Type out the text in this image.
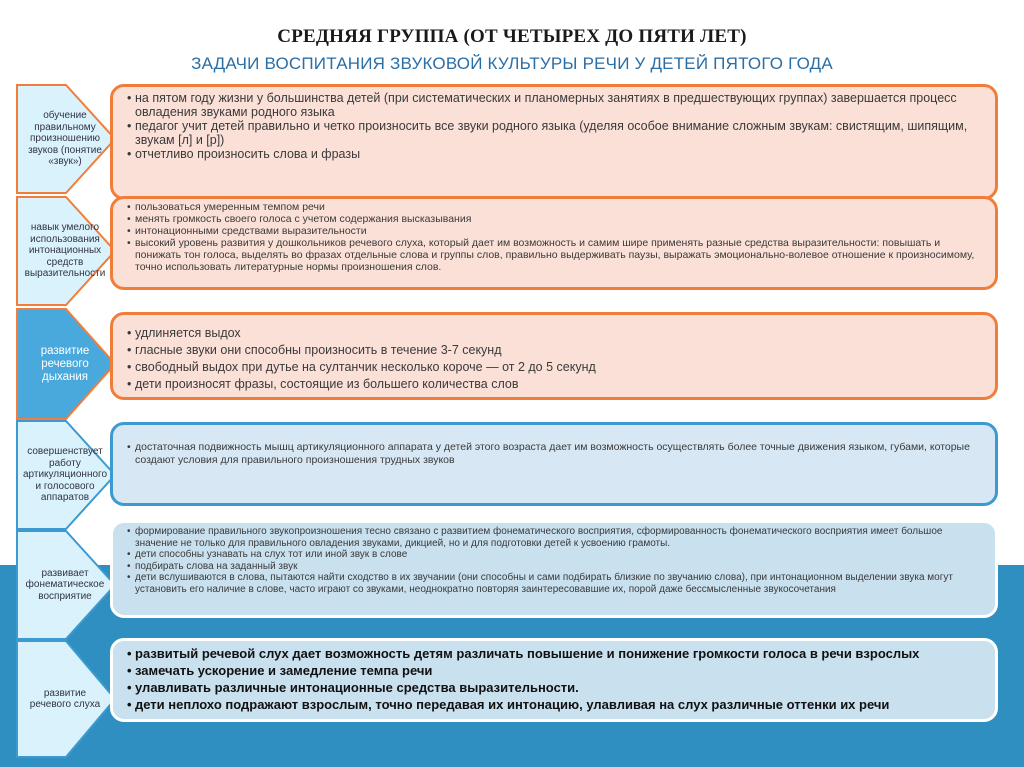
СРЕДНЯЯ ГРУППА (ОТ ЧЕТЫРЕХ ДО ПЯТИ ЛЕТ)
ЗАДАЧИ ВОСПИТАНИЯ ЗВУКОВОЙ КУЛЬТУРЫ РЕЧИ У ДЕТЕЙ ПЯТОГО ГОДА
обучение правильному произношению звуков (понятие «звук»)
• на пятом году жизни у большинства детей (при систематических и планомерных занятиях в предшествующих группах) завершается процесс овладения звуками родного языка
• педагог учит детей правильно и четко произносить все звуки родного языка (уделяя особое внимание сложным звукам: свистящим, шипящим, звукам [л] и [р])
• отчетливо произносить слова и фразы
навык умелого использования интонационных средств выразительности
• пользоваться умеренным темпом речи
• менять громкость своего голоса с учетом содержания высказывания
• интонационными средствами выразительности
• высокий уровень развития у дошкольников речевого слуха, который дает им возможность и самим шире применять разные средства выразительности: повышать и понижать тон голоса, выделять во фразах отдельные слова и группы слов, правильно выдерживать паузы, выражать эмоционально-волевое отношение к произносимому, точно использовать литературные нормы произношения слов.
развитие речевого дыхания
• удлиняется выдох
• гласные звуки они способны произносить в течение 3-7 секунд
• свободный выдох при дутье на султанчик несколько короче — от 2 до 5 секунд
• дети произносят фразы, состоящие из большего количества слов
совершенствует работу артикуляционного и голосового аппаратов
• достаточная подвижность мышц артикуляционного аппарата у детей этого возраста дает им возможность осуществлять более точные движения языком, губами, которые создают условия для правильного произношения трудных звуков
развивает фонематическое восприятие
• формирование правильного звукопроизношения тесно связано с развитием фонематического восприятия, сформированность фонематического восприятия имеет большое значение не только для правильного овладения звуками, дикцией, но и для подготовки детей к усвоению грамоты.
• дети способны узнавать на слух тот или иной звук в слове
• подбирать слова на заданный звук
• дети вслушиваются в слова, пытаются найти сходство в их звучании (они способны и сами подбирать близкие по звучанию слова), при интонационном выделении звука могут установить его наличие в слове, часто играют со звуками, неоднократно повторяя заинтересовавшие их, порой даже бессмысленные звукосочетания
развитие речевого слуха
• развитый речевой слух дает возможность детям различать повышение и понижение громкости голоса в речи взрослых
• замечать ускорение и замедление темпа речи
• улавливать различные интонационные средства выразительности.
• дети неплохо подражают взрослым, точно передавая их интонацию, улавливая на слух различные оттенки их речи
